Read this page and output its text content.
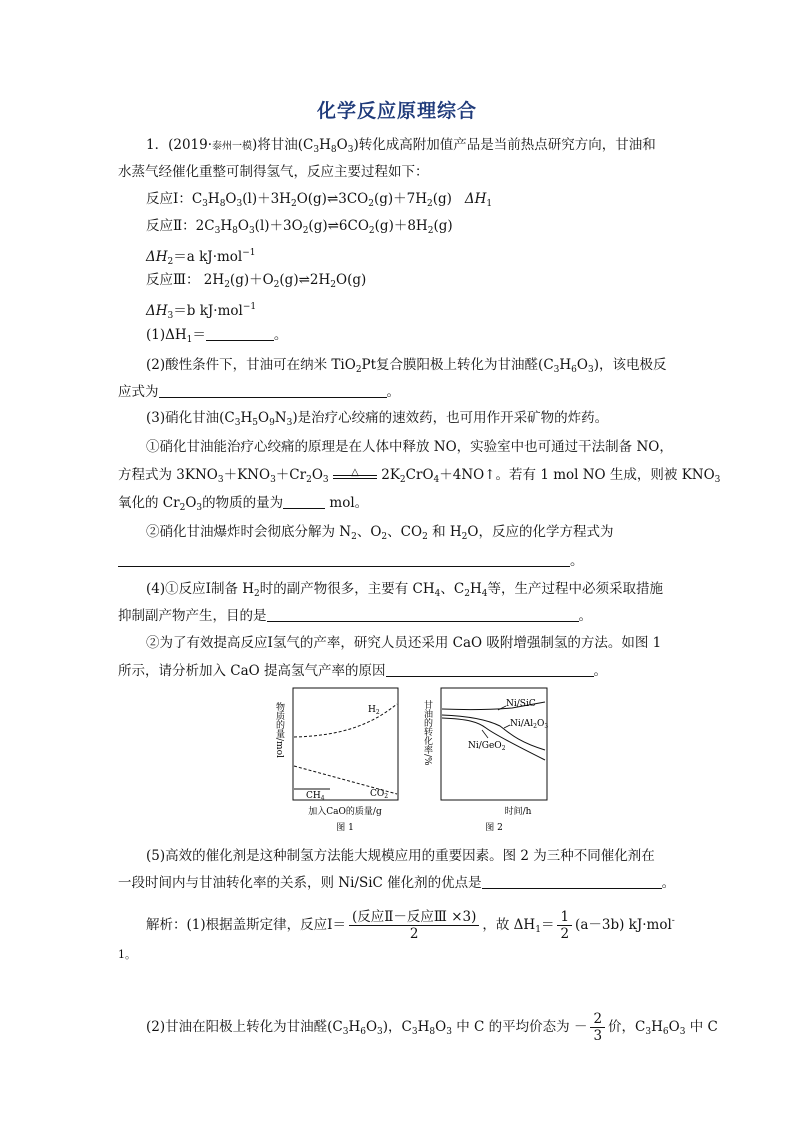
化学反应原理综合
1．(2019·泰州一模)将甘油$(C_3H_8O_3)$转化成高附加值产品是当前热点研究方向，甘油和
水蒸气经催化重整可制得氢气，反应主要过程如下：
反应Ⅰ：$C_3H_8O_3(l)+3H_2O(g)\rightleftharpoons 3CO_2(g)+7H_2(g)$ $\Delta H_1$
反应Ⅱ：$2C_3H_8O_3(l)+3O_2(g)\rightleftharpoons 6CO_2(g)+8H_2(g)$
$\Delta H_2=a$ kJ·mol$^{-1}$
反应Ⅲ： $2H_2(g)+O_2(g)\rightleftharpoons 2H_2O(g)$
$\Delta H_3=b$ kJ·mol$^{-1}$
$(1)\Delta H_1=$	。
(2)酸性条件下，甘油可在纳米 TiO$_2$Pt复合膜阳极上转化为甘油醛$(C_3H_6O_3)$，该电极反
应式为	。
(3)硝化甘油$(C_3H_5O_9N_3)$是治疗心绞痛的速效药，也可用作开采矿物的炸药。
①硝化甘油能治疗心绞痛的原理是在人体中释放 NO，实验室中也可通过干法制备 NO，
方程式为 $3KNO_3+KNO_3+Cr_2O_3$
△	$2K_2CrO_4+4NO↑$。若有 1 mol NO 生成，则被 $KNO_3$
氧化的 $Cr_2O_3$的物质的量为	mol。
②硝化甘油爆炸时会彻底分解为 $N_2$、$O_2$、$CO_2$ 和 $H_2O$，反应的化学方程式为
。
(4)①反应Ⅰ制备 $H_2$时的副产物很多，主要有 $CH_4$、$C_2H_4$等，生产过程中必须采取措施
抑制副产物产生，目的是	。
②为了有效提高反应Ⅰ氢气的产率，研究人员还采用 CaO 吸附增强制氢的方法。如图 1
所示，请分析加入 CaO 提高氢气产率的原因	。
$H_2$
$CH_4$	$CO_2$
物质的量/mol
加入CaO的质量/g
图 1
Ni/SiC
$Ni/Al_2O_3$
Ni/GeO$_2$
甘油的转化率/%
时间/h
图 2
(5)高效的催化剂是这种制氢方法能大规模应用的重要因素。图 2 为三种不同催化剂在
一段时间内与甘油转化率的关系，则 Ni/SiC 催化剂的优点是	。
解析：(1)根据盖斯定律，反应Ⅰ＝ $\frac{\text{(反应Ⅱ－反应Ⅲ ×3)}}{2}$ ，故 $\Delta H_1= \frac{1}{2} (a-3b)$ kJ·mol-
1。
(2)甘油在阳极上转化为甘油醛$(C_3H_6O_3)$，$C_3H_8O_3$ 中 C 的平均价态为 － $\frac{2}{3}$ 价，$C_3H_6O_3$ 中 C
